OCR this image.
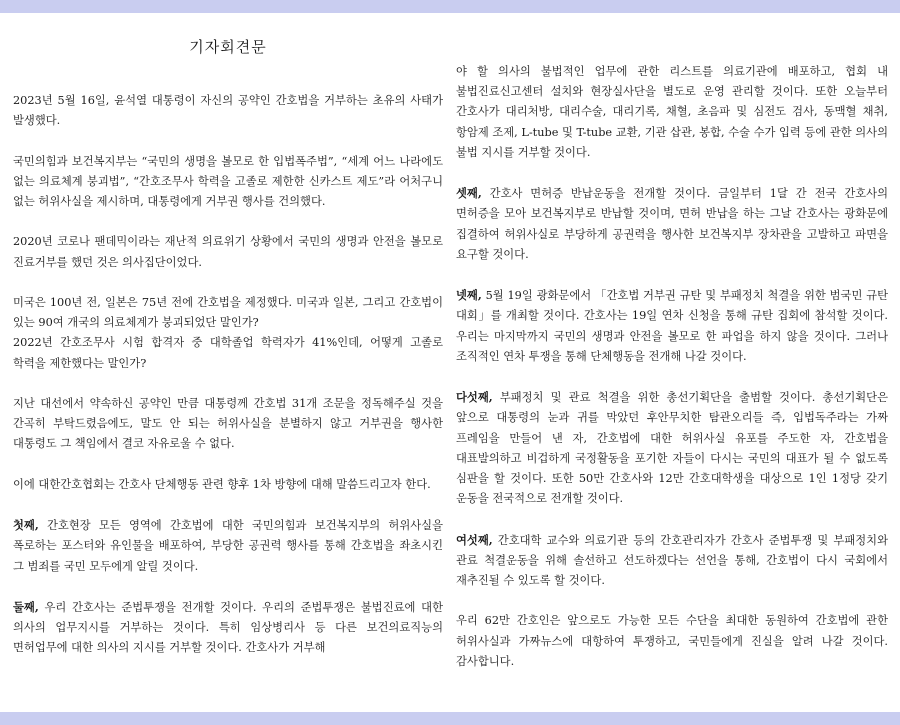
기자회견문

2023년 5월 16일, 윤석열 대통령이 자신의 공약인 간호법을 거부하는 초유의 사태가 발생했다.

국민의힘과 보건복지부는 “국민의 생명을 볼모로 한 입법폭주법”, “세계 어느 나라에도 없는 의료체계 붕괴법”, “간호조무사 학력을 고졸로 제한한 신카스트 제도”라 어처구니 없는 허위사실을 제시하며, 대통령에게 거부권 행사를 건의했다.

2020년 코로나 팬데믹이라는 재난적 의료위기 상황에서 국민의 생명과 안전을 볼모로 진료거부를 했던 것은 의사집단이었다.

미국은 100년 전, 일본은 75년 전에 간호법을 제정했다. 미국과 일본, 그리고 간호법이 있는 90여 개국의 의료체계가 붕괴되었단 말인가?

2022년 간호조무사 시험 합격자 중 대학졸업 학력자가 41%인데, 어떻게 고졸로 학력을 제한했다는 말인가?

지난 대선에서 약속하신 공약인 만큼 대통령께 간호법 31개 조문을 정독해주실 것을 간곡히 부탁드렸음에도, 말도 안 되는 허위사실을 분별하지 않고 거부권을 행사한 대통령도 그 책임에서 결코 자유로울 수 없다.

이에 대한간호협회는 간호사 단체행동 관련 향후 1차 방향에 대해 말씀드리고자 한다.

첫째, 간호현장 모든 영역에 간호법에 대한 국민의힘과 보건복지부의 허위사실을 폭로하는 포스터와 유인물을 배포하여, 부당한 공권력 행사를 통해 간호법을 좌초시킨 그 범죄를 국민 모두에게 알릴 것이다.

둘째, 우리 간호사는 준법투쟁을 전개할 것이다. 우리의 준법투쟁은 불법진료에 대한 의사의 업무지시를 거부하는 것이다. 특히 임상병리사 등 다른 보건의료직능의 면허업무에 대한 의사의 지시를 거부할 것이다. 간호사가 거부해

야 할 의사의 불법적인 업무에 관한 리스트를 의료기관에 배포하고, 협회 내 불법진료신고센터 설치와 현장실사단을 별도로 운영 관리할 것이다. 또한 오늘부터 간호사가 대리처방, 대리수술, 대리기록, 채혈, 초음파 및 심전도 검사, 동맥혈 채취, 항암제 조제, L-tube 및 T-tube 교환, 기관 삽관, 봉합, 수술 수가 입력 등에 관한 의사의 불법 지시를 거부할 것이다.

셋째, 간호사 면허증 반납운동을 전개할 것이다. 금일부터 1달 간 전국 간호사의 면허증을 모아 보건복지부로 반납할 것이며, 면허 반납을 하는 그날 간호사는 광화문에 집결하여 허위사실로 부당하게 공권력을 행사한 보건복지부 장차관을 고발하고 파면을 요구할 것이다.

넷째, 5월 19일 광화문에서 「간호법 거부권 규탄 및 부패정치 척결을 위한 범국민 규탄 대회」를 개최할 것이다. 간호사는 19일 연차 신청을 통해 규탄 집회에 참석할 것이다. 우리는 마지막까지 국민의 생명과 안전을 볼모로 한 파업을 하지 않을 것이다. 그러나 조직적인 연차 투쟁을 통해 단체행동을 전개해 나갈 것이다.

다섯째, 부패정치 및 관료 척결을 위한 총선기획단을 출범할 것이다. 총선기획단은 앞으로 대통령의 눈과 귀를 막았던 후안무치한 탐관오리들 즉, 입법독주라는 가짜 프레임을 만들어 낸 자, 간호법에 대한 허위사실 유포를 주도한 자, 간호법을 대표발의하고 비겁하게 국정활동을 포기한 자들이 다시는 국민의 대표가 될 수 없도록 심판을 할 것이다. 또한 50만 간호사와 12만 간호대학생을 대상으로 1인 1정당 갖기 운동을 전국적으로 전개할 것이다.

여섯째, 간호대학 교수와 의료기관 등의 간호관리자가 간호사 준법투쟁 및 부패정치와 관료 척결운동을 위해 솔선하고 선도하겠다는 선언을 통해, 간호법이 다시 국회에서 재추진될 수 있도록 할 것이다.

우리 62만 간호인은 앞으로도 가능한 모든 수단을 최대한 동원하여 간호법에 관한 허위사실과 가짜뉴스에 대항하여 투쟁하고, 국민들에게 진실을 알려 나갈 것이다. 감사합니다.
